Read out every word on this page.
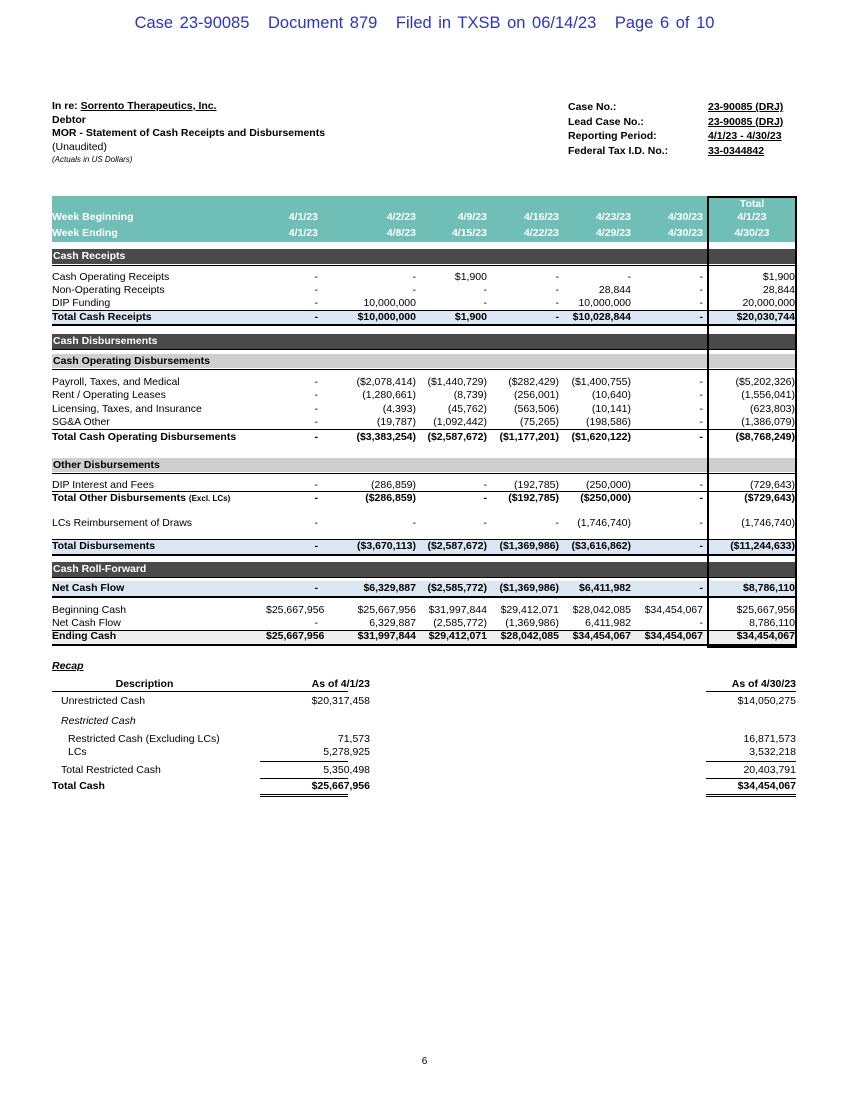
Case 23-90085 Document 879 Filed in TXSB on 06/14/23 Page 6 of 10
In re: Sorrento Therapeutics, Inc.
Debtor
MOR - Statement of Cash Receipts and Disbursements
(Unaudited)
(Actuals in US Dollars)
Case No.:	23-90085 (DRJ)
Lead Case No.:	23-90085 (DRJ)
Reporting Period:	4/1/23 - 4/30/23
Federal Tax I.D. No.:	33-0344842
Total
Week Beginning	4/1/23	4/2/23	4/9/23	4/16/23	4/23/23	4/30/23	4/1/23
Week Ending	4/1/23	4/8/23	4/15/23	4/22/23	4/29/23	4/30/23	4/30/23
Cash Receipts
Cash Operating Receipts	-	-	$1,900	-	-	-	$1,900
Non-Operating Receipts	-	-	-	-	28,844	-	28,844
DIP Funding	-	10,000,000	-	-	10,000,000	-	20,000,000
Total Cash Receipts	-	$10,000,000	$1,900	-	$10,028,844	-	$20,030,744
Cash Disbursements
Cash Operating Disbursements
Payroll, Taxes, and Medical	-	($2,078,414)	($1,440,729)	($282,429)	($1,400,755)	-	($5,202,326)
Rent / Operating Leases	-	(1,280,661)	(8,739)	(256,001)	(10,640)	-	(1,556,041)
Licensing, Taxes, and Insurance	-	(4,393)	(45,762)	(563,506)	(10,141)	-	(623,803)
SG&A Other	-	(19,787)	(1,092,442)	(75,265)	(198,586)	-	(1,386,079)
Total Cash Operating Disbursements	-	($3,383,254)	($2,587,672)	($1,177,201)	($1,620,122)	-	($8,768,249)
Other Disbursements
DIP Interest and Fees	-	(286,859)	-	(192,785)	(250,000)	-	(729,643)
Total Other Disbursements (Excl. LCs)	-	($286,859)	-	($192,785)	($250,000)	-	($729,643)
LCs Reimbursement of Draws	-	-	-	-	(1,746,740)	-	(1,746,740)
Total Disbursements	-	($3,670,113)	($2,587,672)	($1,369,986)	($3,616,862)	-	($11,244,633)
Cash Roll-Forward
Net Cash Flow	-	$6,329,887	($2,585,772)	($1,369,986)	$6,411,982	-	$8,786,110
Beginning Cash	$25,667,956	$25,667,956	$31,997,844	$29,412,071	$28,042,085	$34,454,067	$25,667,956
Net Cash Flow	-	6,329,887	(2,585,772)	(1,369,986)	6,411,982	-	8,786,110
Ending Cash	$25,667,956	$31,997,844	$29,412,071	$28,042,085	$34,454,067	$34,454,067	$34,454,067
Recap
Description	As of 4/1/23	As of 4/30/23
Unrestricted Cash	$20,317,458	$14,050,275
Restricted Cash
Restricted Cash (Excluding LCs)	71,573	16,871,573
LCs	5,278,925	3,532,218
Total Restricted Cash	5,350,498	20,403,791
Total Cash	$25,667,956	$34,454,067
6
